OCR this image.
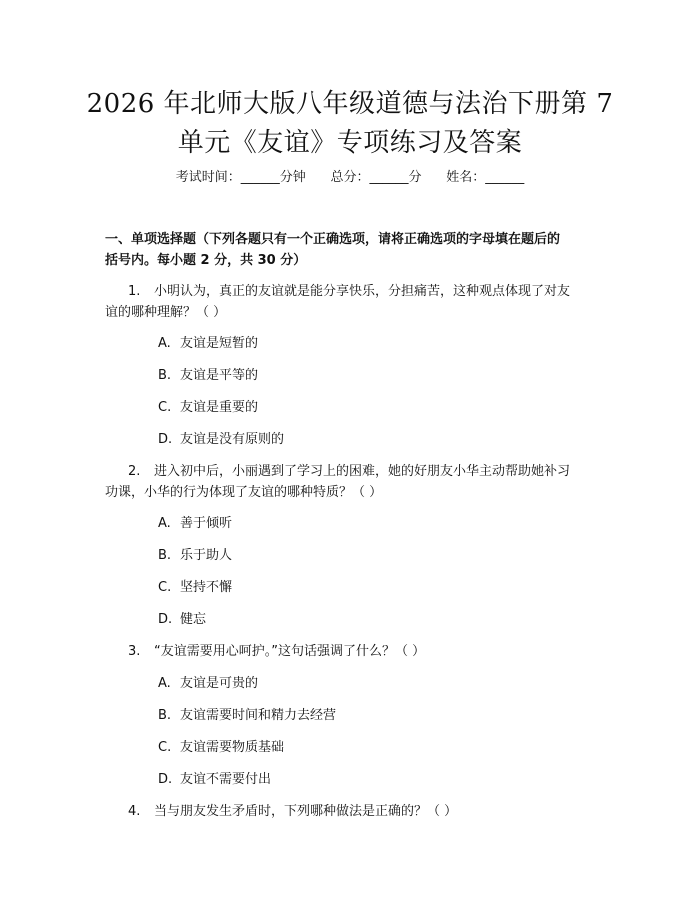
2026 年北师大版八年级道德与法治下册第 7
单元《友谊》专项练习及答案
考试时间：______分钟      总分：______分      姓名：______
一、单项选择题（下列各题只有一个正确选项，请将正确选项的字母填在题后的
括号内。每小题 2 分，共 30 分）
1. 小明认为，真正的友谊就是能分享快乐，分担痛苦，这种观点体现了对友
谊的哪种理解？（ ）
A. 友谊是短暂的
B. 友谊是平等的
C. 友谊是重要的
D. 友谊是没有原则的
2. 进入初中后，小丽遇到了学习上的困难，她的好朋友小华主动帮助她补习
功课，小华的行为体现了友谊的哪种特质？（ ）
A. 善于倾听
B. 乐于助人
C. 坚持不懈
D. 健忘
3. “友谊需要用心呵护。”这句话强调了什么？（ ）
A. 友谊是可贵的
B. 友谊需要时间和精力去经营
C. 友谊需要物质基础
D. 友谊不需要付出
4. 当与朋友发生矛盾时，下列哪种做法是正确的？（ ）
